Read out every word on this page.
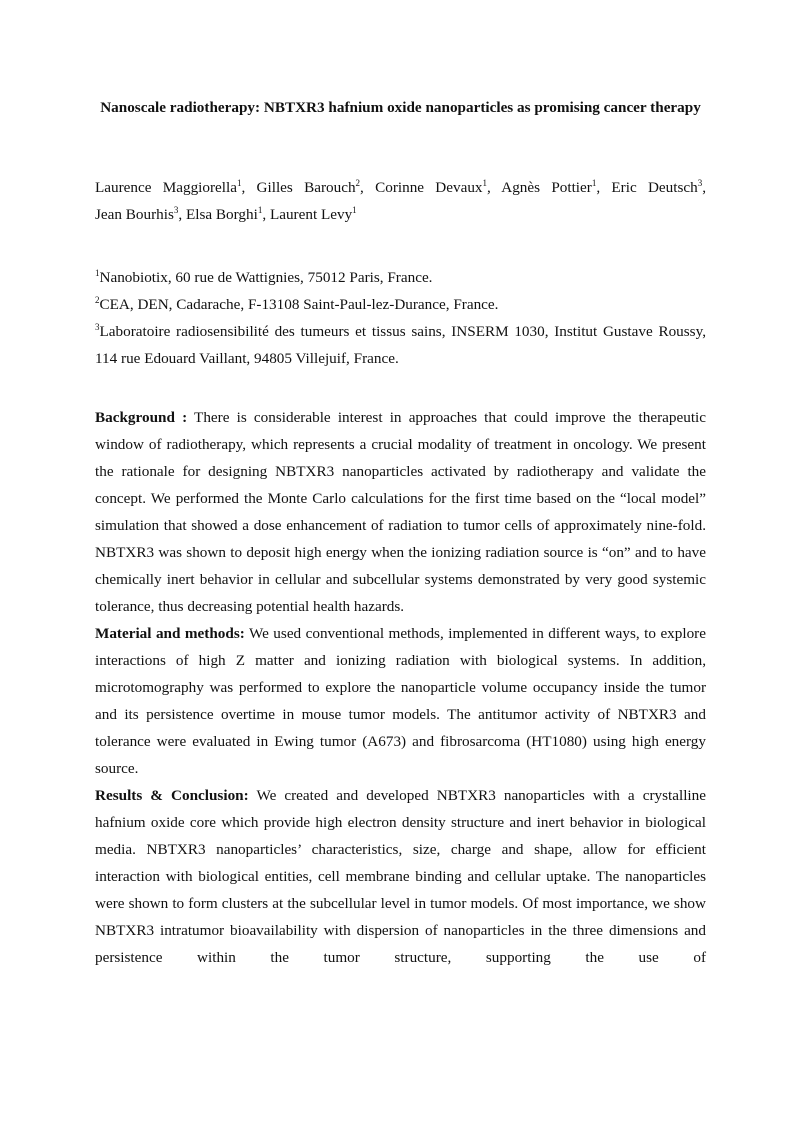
Nanoscale radiotherapy: NBTXR3 hafnium oxide nanoparticles as promising cancer therapy
Laurence Maggiorella$^1$, Gilles Barouch$^2$, Corinne Devaux$^1$, Agnès Pottier$^1$, Eric Deutsch$^3$,
Jean Bourhis$^3$, Elsa Borghi$^1$, Laurent Levy$^1$

$^1$Nanobiotix, 60 rue de Wattignies, 75012 Paris, France.

$^2$CEA, DEN, Cadarache, F-13108 Saint-Paul-lez-Durance, France.

$^3$Laboratoire radiosensibilité des tumeurs et tissus sains, INSERM 1030, Institut Gustave Roussy, 114 rue Edouard Vaillant, 94805 Villejuif, France.

Background : There is considerable interest in approaches that could improve the therapeutic window of radiotherapy, which represents a crucial modality of treatment in oncology. We present the rationale for designing NBTXR3 nanoparticles activated by radiotherapy and validate the concept. We performed the Monte Carlo calculations for the first time based on the “local model” simulation that showed a dose enhancement of radiation to tumor cells of approximately nine-fold. NBTXR3 was shown to deposit high energy when the ionizing radiation source is “on” and to have chemically inert behavior in cellular and subcellular systems demonstrated by very good systemic tolerance, thus decreasing potential health hazards.

Material and methods: We used conventional methods, implemented in different ways, to explore interactions of high Z matter and ionizing radiation with biological systems. In addition, microtomography was performed to explore the nanoparticle volume occupancy inside the tumor and its persistence overtime in mouse tumor models. The antitumor activity of NBTXR3 and tolerance were evaluated in Ewing tumor (A673) and fibrosarcoma (HT1080) using high energy source.

Results & Conclusion: We created and developed NBTXR3 nanoparticles with a crystalline hafnium oxide core which provide high electron density structure and inert behavior in biological media. NBTXR3 nanoparticles’ characteristics, size, charge and shape, allow for efficient interaction with biological entities, cell membrane binding and cellular uptake. The nanoparticles were shown to form clusters at the subcellular level in tumor models. Of most importance, we show NBTXR3 intratumor bioavailability with dispersion of nanoparticles in the three dimensions and persistence within the tumor structure, supporting the use of
